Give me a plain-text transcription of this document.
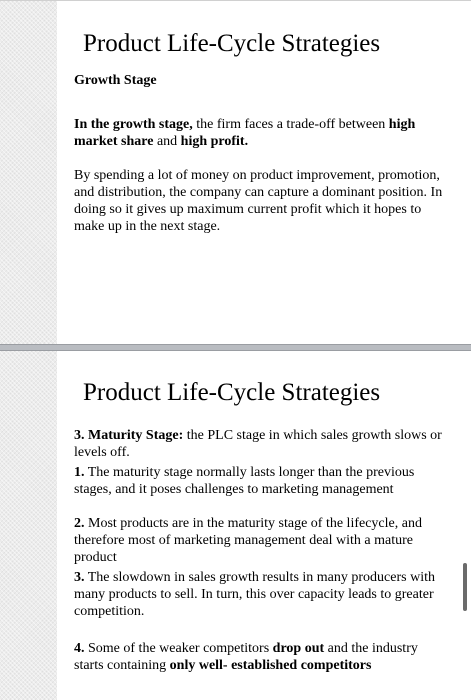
Product Life-Cycle Strategies
Growth Stage

In the growth stage, the firm faces a trade-off between high market share and high profit.

By spending a lot of money on product improvement, promotion, and distribution, the company can capture a dominant position. In doing so it gives up maximum current profit which it hopes to make up in the next stage.

Product Life-Cycle Strategies

3. Maturity Stage: the PLC stage in which sales growth slows or levels off.

1. The maturity stage normally lasts longer than the previous stages, and it poses challenges to marketing management

2. Most products are in the maturity stage of the lifecycle, and therefore most of marketing management deal with a mature product

3. The slowdown in sales growth results in many producers with many products to sell. In turn, this over capacity leads to greater competition.

4. Some of the weaker competitors drop out and the industry starts containing only well- established competitors
